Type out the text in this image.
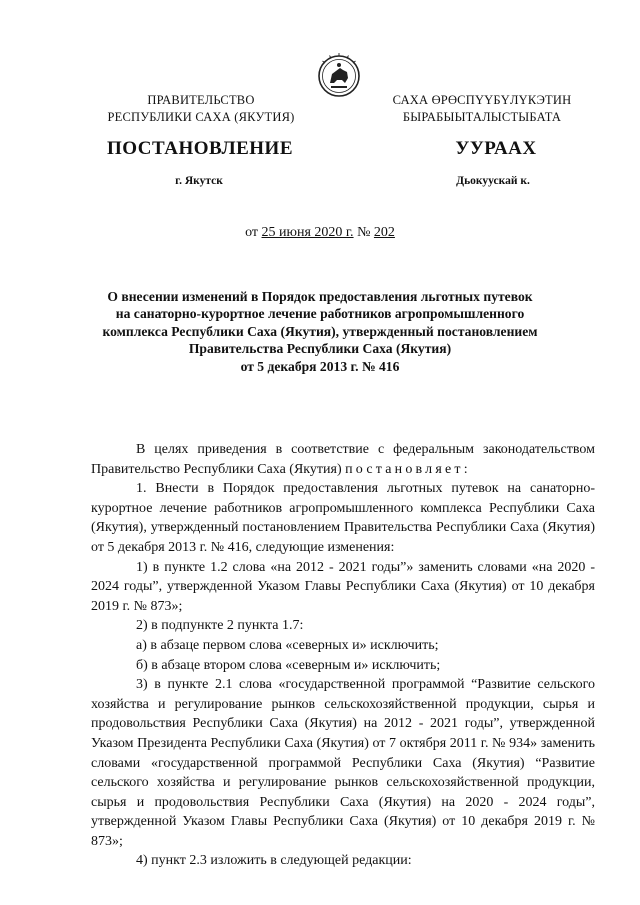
ПРАВИТЕЛЬСТВО
РЕСПУБЛИКИ САХА (ЯКУТИЯ)
САХА ӨРӨСПҮҮБҮЛҮКЭТИН
БЫРАБЫЫТАЛЫСТЫБАТА
ПОСТАНОВЛЕНИЕ	УУРААХ
г. Якутск	Дьокуускай к.
от 25 июня 2020 г. № 202
О внесении изменений в Порядок предоставления льготных путевок
на санаторно-курортное лечение работников агропромышленного
комплекса Республики Саха (Якутия), утвержденный постановлением
Правительства Республики Саха (Якутия)
от 5 декабря 2013 г. № 416

В целях приведения в соответствие с федеральным законодательством Правительство Республики Саха (Якутия) постановляет:

1. Внести в Порядок предоставления льготных путевок на санаторно-курортное лечение работников агропромышленного комплекса Республики Саха (Якутия), утвержденный постановлением Правительства Республики Саха (Якутия) от 5 декабря 2013 г. № 416, следующие изменения:

1) в пункте 1.2 слова «на 2012 - 2021 годы”» заменить словами «на 2020 - 2024 годы”, утвержденной Указом Главы Республики Саха (Якутия) от 10 декабря 2019 г. № 873»;

2) в подпункте 2 пункта 1.7:

а) в абзаце первом слова «северных и» исключить;

б) в абзаце втором слова «северным и» исключить;

3) в пункте 2.1 слова «государственной программой “Развитие сельского хозяйства и регулирование рынков сельскохозяйственной продукции, сырья и продовольствия Республики Саха (Якутия) на 2012 - 2021 годы”, утвержденной Указом Президента Республики Саха (Якутия) от 7 октября 2011 г. № 934» заменить словами «государственной программой Республики Саха (Якутия) “Развитие сельского хозяйства и регулирование рынков сельскохозяйственной продукции, сырья и продовольствия Республики Саха (Якутия) на 2020 - 2024 годы”, утвержденной Указом Главы Республики Саха (Якутия) от 10 декабря 2019 г. № 873»;

4) пункт 2.3 изложить в следующей редакции:
